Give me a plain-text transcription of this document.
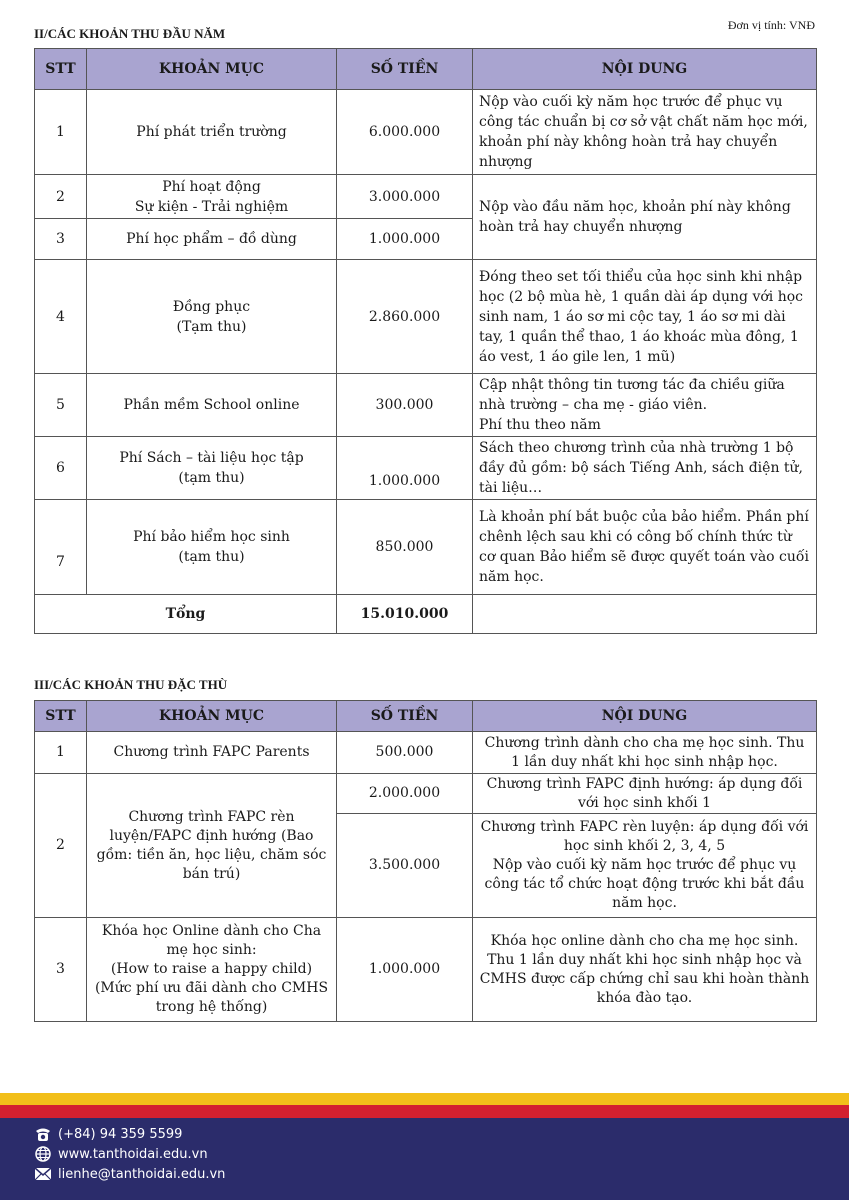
Đơn vị tính: VNĐ
II/CÁC KHOẢN THU ĐẦU NĂM
STT	KHOẢN MỤC	SỐ TIỀN	NỘI DUNG
1	Phí phát triển trường	6.000.000	Nộp vào cuối kỳ năm học trước để phục vụ công tác chuẩn bị cơ sở vật chất năm học mới, khoản phí này không hoàn trả hay chuyển nhượng
2	Phí hoạt động
Sự kiện - Trải nghiệm	3.000.000	Nộp vào đầu năm học, khoản phí này không hoàn trả hay chuyển nhượng
3	Phí học phẩm – đồ dùng	1.000.000	
4	Đồng phục
(Tạm thu)	2.860.000	Đóng theo set tối thiểu của học sinh khi nhập học (2 bộ mùa hè, 1 quần dài áp dụng với học sinh nam, 1 áo sơ mi cộc tay, 1 áo sơ mi dài tay, 1 quần thể thao, 1 áo khoác mùa đông, 1 áo vest, 1 áo gile len, 1 mũ)
5	Phần mềm School online	300.000	Cập nhật thông tin tương tác đa chiều giữa nhà trường – cha mẹ - giáo viên.
Phí thu theo năm

6	Phí Sách – tài liệu học tập
(tạm thu)	1.000.000	Sách theo chương trình của nhà trường 1 bộ đầy đủ gồm: bộ sách Tiếng Anh, sách điện tử, tài liệu…
7	Phí bảo hiểm học sinh
(tạm thu)	850.000	Là khoản phí bắt buộc của bảo hiểm. Phần phí chênh lệch sau khi có công bố chính thức từ cơ quan Bảo hiểm sẽ được quyết toán vào cuối năm học.
Tổng		15.010.000	
III/CÁC KHOẢN THU ĐẶC THÙ
STT	KHOẢN MỤC	SỐ TIỀN	NỘI DUNG
1	Chương trình FAPC Parents	500.000	Chương trình dành cho cha mẹ học sinh. Thu 1 lần duy nhất khi học sinh nhập học.
2	Chương trình FAPC rèn luyện/FAPC định hướng (Bao gồm: tiền ăn, học liệu, chăm sóc bán trú)	2.000.000	Chương trình FAPC định hướng: áp dụng đối với học sinh khối 1
		3.500.000	Chương trình FAPC rèn luyện: áp dụng đối với học sinh khối 2, 3, 4, 5
Nộp vào cuối kỳ năm học trước để phục vụ công tác tổ chức hoạt động trước khi bắt đầu năm học.

3	Khóa học Online dành cho Cha mẹ học sinh:
(How to raise a happy child)
(Mức phí ưu đãi dành cho CMHS trong hệ thống)	1.000.000	Khóa học online dành cho cha mẹ học sinh. Thu 1 lần duy nhất khi học sinh nhập học và CMHS được cấp chứng chỉ sau khi hoàn thành khóa đào tạo.
(+84) 94 359 5599
www.tanthoidai.edu.vn
lienhe@tanthoidai.edu.vn
